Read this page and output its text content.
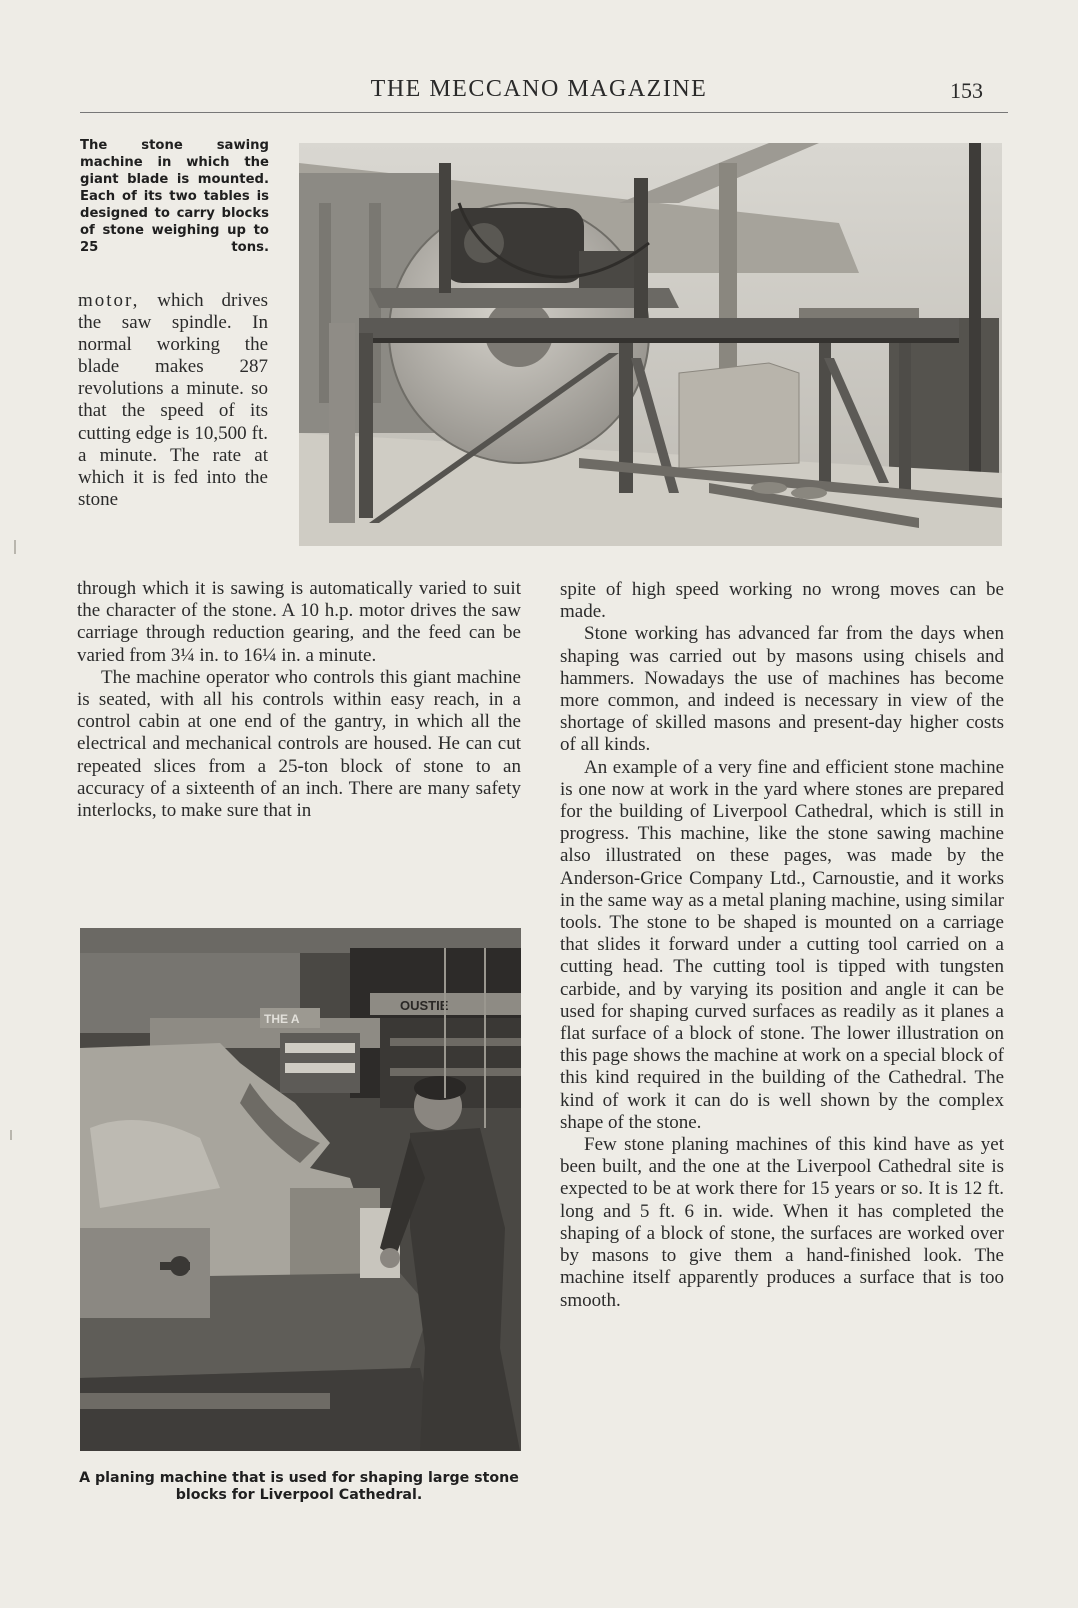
THE MECCANO MAGAZINE	153
The stone sawing machine in which the giant blade is mounted. Each of its two tables is designed to carry blocks of stone weighing up to 25 tons.
motor, which drives the saw spindle. In normal working the blade makes 287 revolutions a minute. so that the speed of its cutting edge is 10,500 ft. a minute. The rate at which it is fed into the stone

through which it is sawing is automatically varied to suit the character of the stone. A 10 h.p. motor drives the saw carriage through reduction gearing, and the feed can be varied from 3¼ in. to 16¼ in. a minute.

The machine operator who controls this giant machine is seated, with all his controls within easy reach, in a control cabin at one end of the gantry, in which all the electrical and mechanical controls are housed. He can cut repeated slices from a 25-ton block of stone to an accuracy of a sixteenth of an inch. There are many safety interlocks, to make sure that in

spite of high speed working no wrong moves can be made.

Stone working has advanced far from the days when shaping was carried out by masons using chisels and hammers. Nowadays the use of machines has become more common, and indeed is necessary in view of the shortage of skilled masons and present-day higher costs of all kinds.

An example of a very fine and efficient stone machine is one now at work in the yard where stones are prepared for the building of Liverpool Cathedral, which is still in progress. This machine, like the stone sawing machine also illustrated on these pages, was made by the Anderson-Grice Company Ltd., Carnoustie, and it works in the same way as a metal planing machine, using similar tools. The stone to be shaped is mounted on a carriage that slides it forward under a cutting tool carried on a cutting head. The cutting tool is tipped with tungsten carbide, and by varying its position and angle it can be used for shaping curved surfaces as readily as it planes a flat surface of a block of stone. The lower illustration on this page shows the machine at work on a special block of this kind required in the building of the Cathedral. The kind of work it can do is well shown by the complex shape of the stone.

Few stone planing machines of this kind have as yet been built, and the one at the Liverpool Cathedral site is expected to be at work there for 15 years or so. It is 12 ft. long and 5 ft. 6 in. wide. When it has completed the shaping of a block of stone, the surfaces are worked over by masons to give them a hand-finished look. The machine itself apparently produces a surface that is too smooth.

OUSTIE
THE A
A planing machine that is used for shaping large stone blocks for Liverpool Cathedral.
